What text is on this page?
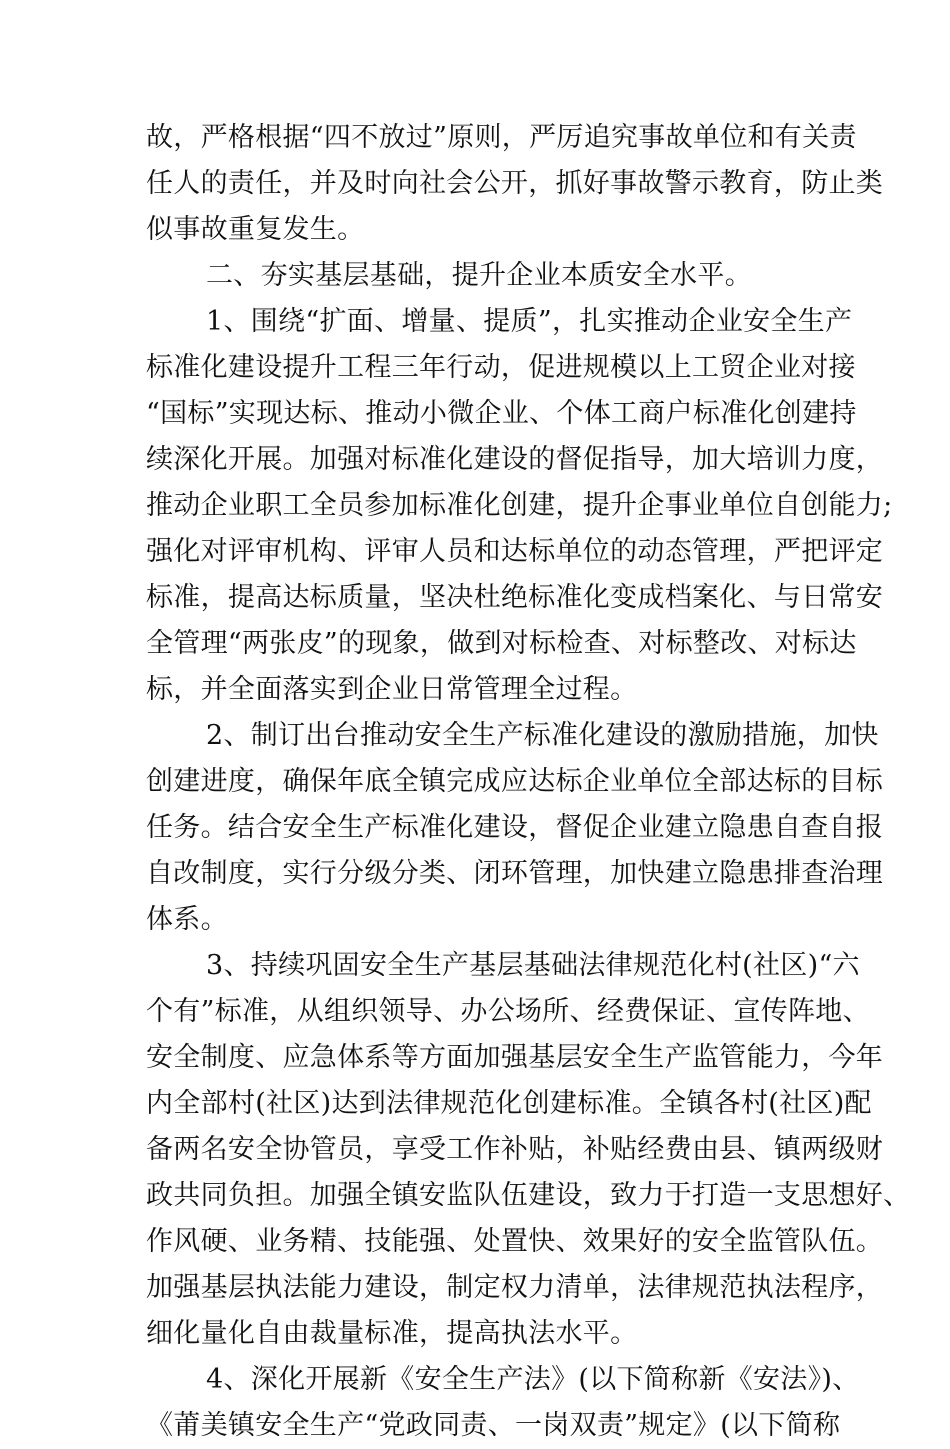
故，严格根据“四不放过”原则，严厉追究事故单位和有关责
任人的责任，并及时向社会公开，抓好事故警示教育，防止类
似事故重复发生。
二、夯实基层基础，提升企业本质安全水平。
1、围绕“扩面、增量、提质”，扎实推动企业安全生产
标准化建设提升工程三年行动，促进规模以上工贸企业对接
“国标”实现达标、推动小微企业、个体工商户标准化创建持
续深化开展。加强对标准化建设的督促指导，加大培训力度，
推动企业职工全员参加标准化创建，提升企事业单位自创能力;
强化对评审机构、评审人员和达标单位的动态管理，严把评定
标准，提高达标质量，坚决杜绝标准化变成档案化、与日常安
全管理“两张皮”的现象，做到对标检查、对标整改、对标达
标，并全面落实到企业日常管理全过程。
2、制订出台推动安全生产标准化建设的激励措施，加快
创建进度，确保年底全镇完成应达标企业单位全部达标的目标
任务。结合安全生产标准化建设，督促企业建立隐患自查自报
自改制度，实行分级分类、闭环管理，加快建立隐患排查治理
体系。
3、持续巩固安全生产基层基础法律规范化村(社区)“六
个有”标准，从组织领导、办公场所、经费保证、宣传阵地、
安全制度、应急体系等方面加强基层安全生产监管能力，今年
内全部村(社区)达到法律规范化创建标准。全镇各村(社区)配
备两名安全协管员，享受工作补贴，补贴经费由县、镇两级财
政共同负担。加强全镇安监队伍建设，致力于打造一支思想好、
作风硬、业务精、技能强、处置快、效果好的安全监管队伍。
加强基层执法能力建设，制定权力清单，法律规范执法程序，
细化量化自由裁量标准，提高执法水平。
4、深化开展新《安全生产法》(以下简称新《安法》)、
《莆美镇安全生产“党政同责、一岗双责”规定》(以下简称
